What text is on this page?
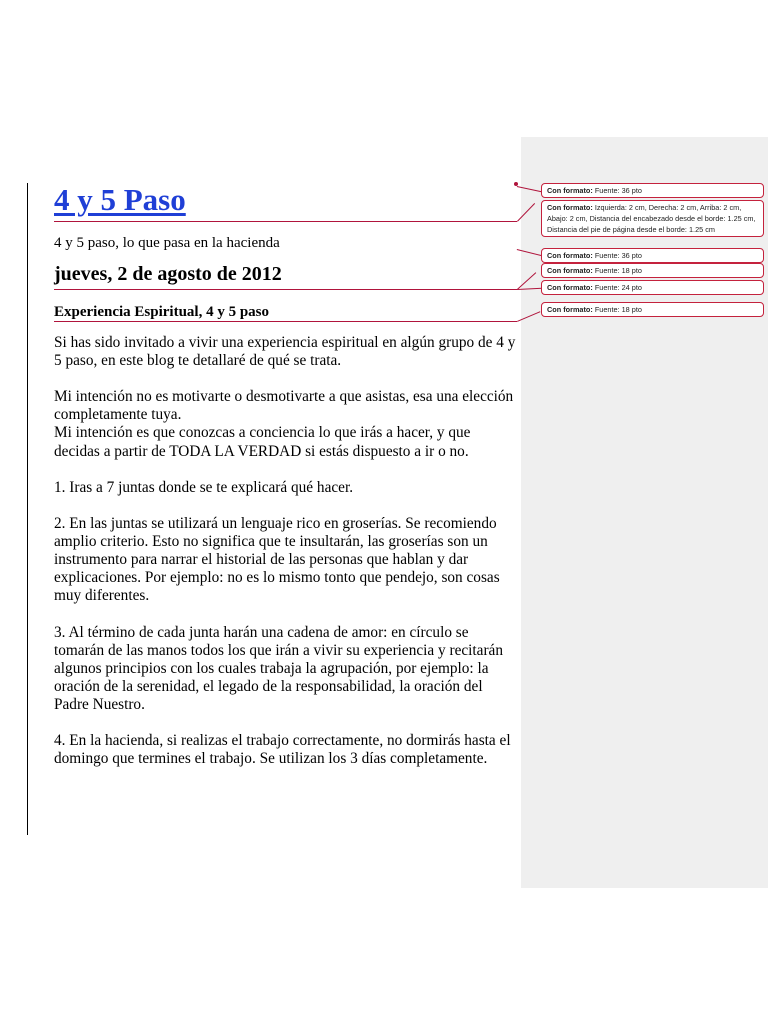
4 y 5 Paso
4 y 5 paso, lo que pasa en la hacienda
jueves, 2 de agosto de 2012
Experiencia Espiritual, 4 y 5 paso

Si has sido invitado a vivir una experiencia espiritual en algún grupo de 4 y 5 paso, en este blog te detallaré de qué se trata.

Mi intención no es motivarte o desmotivarte a que asistas, esa una elección completamente tuya.

Mi intención es que conozcas a conciencia lo que irás a hacer, y que decidas a partir de TODA LA VERDAD si estás dispuesto a ir o no.

1. Iras a 7 juntas donde se te explicará qué hacer.

2. En las juntas se utilizará un lenguaje rico en groserías. Se recomiendo amplio criterio. Esto no significa que te insultarán, las groserías son un instrumento para narrar el historial de las personas que hablan y dar explicaciones. Por ejemplo: no es lo mismo tonto que pendejo, son cosas muy diferentes.

3. Al término de cada junta harán una cadena de amor: en círculo se tomarán de las manos todos los que irán a vivir su experiencia y recitarán algunos principios con los cuales trabaja la agrupación, por ejemplo: la oración de la serenidad, el legado de la responsabilidad, la oración del Padre Nuestro.

4. En la hacienda, si realizas el trabajo correctamente, no dormirás hasta el domingo que termines el trabajo. Se utilizan los 3 días completamente.

Con formato: Fuente: 36 pto
Con formato: Izquierda: 2 cm, Derecha: 2 cm, Arriba: 2 cm, Abajo: 2 cm, Distancia del encabezado desde el borde: 1.25 cm, Distancia del pie de página desde el borde: 1.25 cm
Con formato: Fuente: 36 pto
Con formato: Fuente: 18 pto
Con formato: Fuente: 24 pto
Con formato: Fuente: 18 pto
